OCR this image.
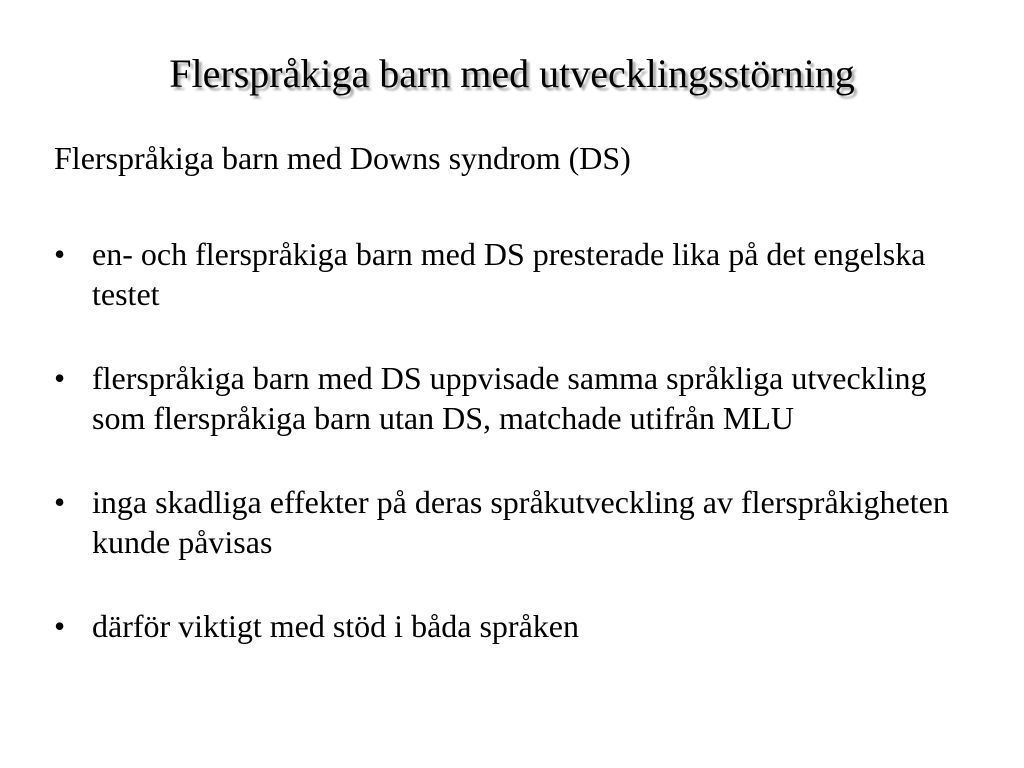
Flerspråkiga barn med utvecklingsstörning
Flerspråkiga barn med Downs syndrom (DS)
• en- och flerspråkiga barn med DS presterade lika på det engelska testet
• flerspråkiga barn med DS uppvisade samma språkliga utveckling som flerspråkiga barn utan DS, matchade utifrån MLU
• inga skadliga effekter på deras språkutveckling av flerspråkigheten kunde påvisas
• därför viktigt med stöd i båda språken
